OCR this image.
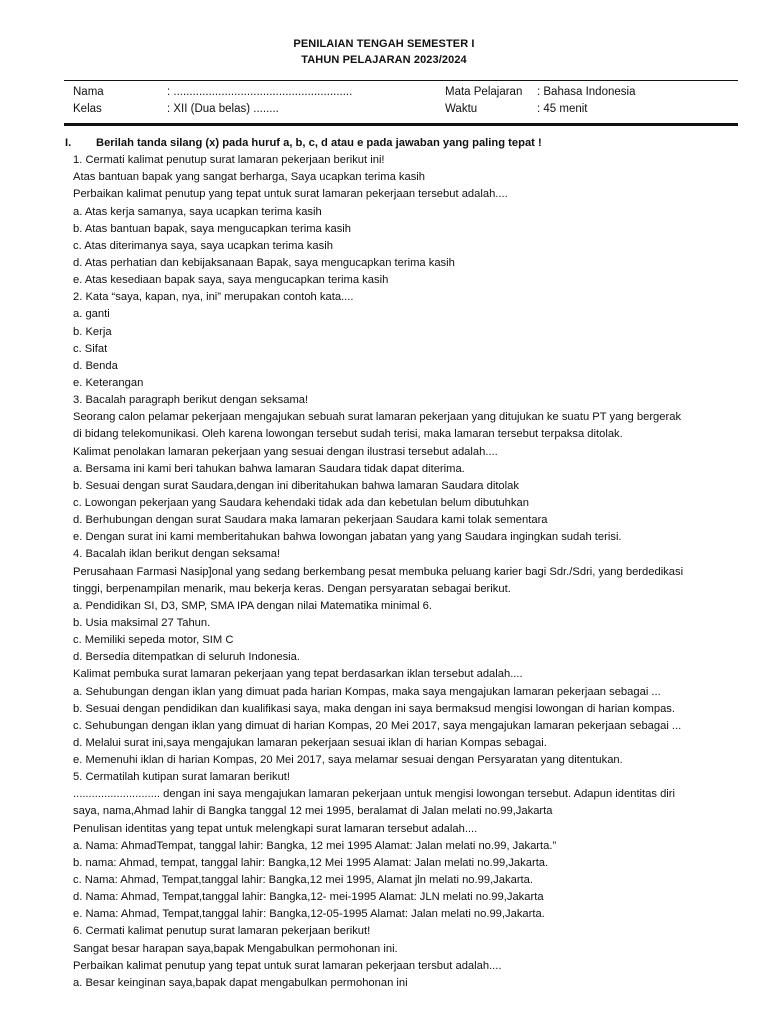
PENILAIAN TENGAH SEMESTER I
TAHUN PELAJARAN 2023/2024
Nama	: ........................................................	Mata Pelajaran : Bahasa Indonesia
Kelas	: XII (Dua belas) ........	Waktu	: 45 menit
I. Berilah tanda silang (x) pada huruf a, b, c, d atau e pada jawaban yang paling tepat !
1. Cermati kalimat penutup surat lamaran pekerjaan berikut ini!
Atas bantuan bapak yang sangat berharga, Saya ucapkan terima kasih
Perbaikan kalimat penutup yang tepat untuk surat lamaran pekerjaan tersebut adalah....
a. Atas kerja samanya, saya ucapkan terima kasih
b. Atas bantuan bapak, saya mengucapkan terima kasih
c. Atas diterimanya saya, saya ucapkan terima kasih
d. Atas perhatian dan kebijaksanaan Bapak, saya mengucapkan terima kasih
e. Atas kesediaan bapak saya, saya mengucapkan terima kasih
2. Kata “saya, kapan, nya, ini” merupakan contoh kata....
a. ganti
b. Kerja
c. Sifat
d. Benda
e. Keterangan
3. Bacalah paragraph berikut dengan seksama!
Seorang calon pelamar pekerjaan mengajukan sebuah surat lamaran pekerjaan yang ditujukan ke suatu PT yang bergerak
di bidang telekomunikasi. Oleh karena lowongan tersebut sudah terisi, maka lamaran tersebut terpaksa ditolak.
Kalimat penolakan lamaran pekerjaan yang sesuai dengan ilustrasi tersebut adalah....
a. Bersama ini kami beri tahukan bahwa lamaran Saudara tidak dapat diterima.
b. Sesuai dengan surat Saudara,dengan ini diberitahukan bahwa lamaran Saudara ditolak
c. Lowongan pekerjaan yang Saudara kehendaki tidak ada dan kebetulan belum dibutuhkan
d. Berhubungan dengan surat Saudara maka lamaran pekerjaan Saudara kami tolak sementara
e. Dengan surat ini kami memberitahukan bahwa lowongan jabatan yang yang Saudara ingingkan sudah terisi.
4. Bacalah iklan berikut dengan seksama!
Perusahaan Farmasi Nasip]onal yang sedang berkembang pesat membuka peluang karier bagi Sdr./Sdri, yang berdedikasi
tinggi, berpenampilan menarik, mau bekerja keras. Dengan persyaratan sebagai berikut.
a. Pendidikan SI, D3, SMP, SMA IPA dengan nilai Matematika minimal 6.
b. Usia maksimal 27 Tahun.
c. Memiliki sepeda motor, SIM C
d. Bersedia ditempatkan di seluruh Indonesia.
Kalimat pembuka surat lamaran pekerjaan yang tepat berdasarkan iklan tersebut adalah....
a. Sehubungan dengan iklan yang dimuat pada harian Kompas, maka saya mengajukan lamaran pekerjaan sebagai ...
b. Sesuai dengan pendidikan dan kualifikasi saya, maka dengan ini saya bermaksud mengisi lowongan di harian kompas.
c. Sehubungan dengan iklan yang dimuat di harian Kompas, 20 Mei 2017, saya mengajukan lamaran pekerjaan sebagai ...
d. Melalui surat ini,saya mengajukan lamaran pekerjaan sesuai iklan di harian Kompas sebagai.
e. Memenuhi iklan di harian Kompas, 20 Mei 2017, saya melamar sesuai dengan Persyaratan yang ditentukan.
5. Cermatilah kutipan surat lamaran berikut!
............................ dengan ini saya mengajukan lamaran pekerjaan untuk mengisi lowongan tersebut. Adapun identitas diri
saya, nama,Ahmad lahir di Bangka tanggal 12 mei 1995, beralamat di Jalan melati no.99,Jakarta
Penulisan identitas yang tepat untuk melengkapi surat lamaran tersebut adalah....
a. Nama: AhmadTempat, tanggal lahir: Bangka, 12 mei 1995 Alamat: Jalan melati no.99, Jakarta.”
b. nama: Ahmad, tempat, tanggal lahir: Bangka,12 Mei 1995 Alamat: Jalan melati no.99,Jakarta.
c. Nama: Ahmad, Tempat,tanggal lahir: Bangka,12 mei 1995, Alamat jln melati no.99,Jakarta.
d. Nama: Ahmad, Tempat,tanggal lahir: Bangka,12- mei-1995 Alamat: JLN melati no.99,Jakarta
e. Nama: Ahmad, Tempat,tanggal lahir: Bangka,12-05-1995 Alamat: Jalan melati no.99,Jakarta.
6. Cermati kalimat penutup surat lamaran pekerjaan berikut!
Sangat besar harapan saya,bapak Mengabulkan permohonan ini.
Perbaikan kalimat penutup yang tepat untuk surat lamaran pekerjaan tersbut adalah....
a. Besar keinginan saya,bapak dapat mengabulkan permohonan ini
